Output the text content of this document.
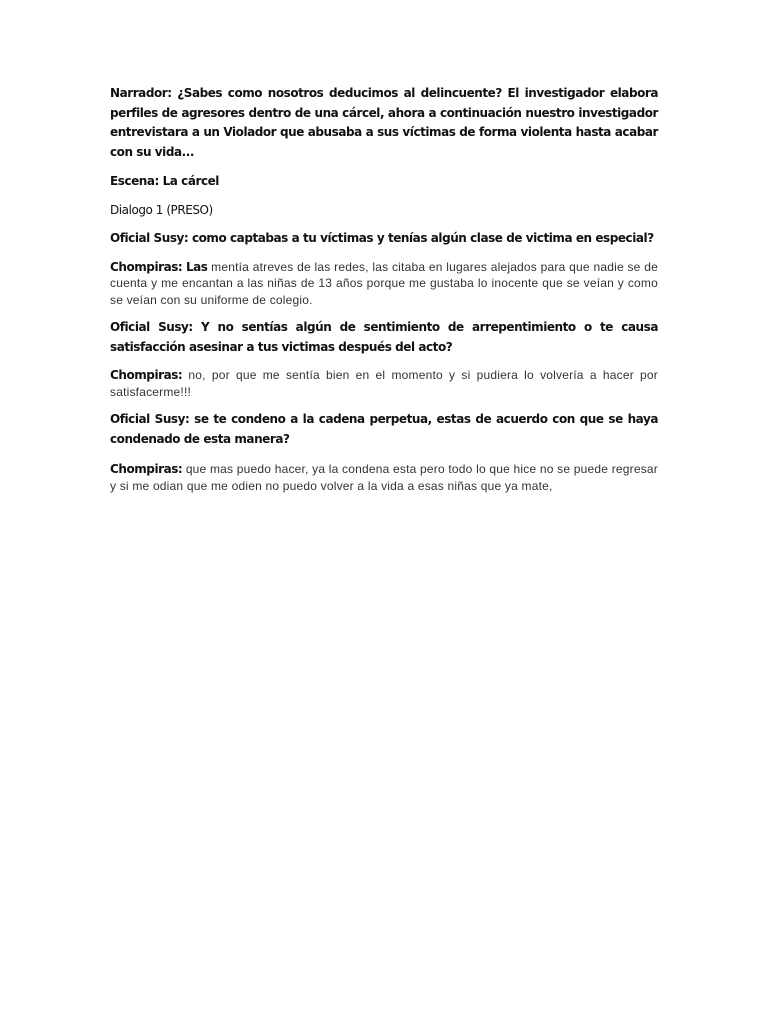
Narrador: ¿Sabes como nosotros deducimos al delincuente? El investigador elabora perfiles de agresores dentro de una cárcel, ahora a continuación nuestro investigador entrevistara a un Violador que abusaba a sus víctimas de forma violenta hasta acabar con su vida...

Escena: La cárcel

Dialogo 1 (PRESO)

Oficial Susy: como captabas a tu víctimas y tenías algún clase de victima en especial?

Chompiras: Las mentía atreves de las redes, las citaba en lugares alejados para que nadie se de cuenta y me encantan a las niñas de 13 años porque me gustaba lo inocente que se veían y como se veían con su uniforme de colegio.

Oficial Susy: Y no sentías algún de sentimiento de arrepentimiento o te causa satisfacción asesinar a tus victimas después del acto?

Chompiras: no, por que me sentía bien en el momento y si pudiera lo volvería a hacer por satisfacerme!!!

Oficial Susy: se te condeno a la cadena perpetua, estas de acuerdo con que se haya condenado de esta manera?

Chompiras: que mas puedo hacer, ya la condena esta pero todo lo que hice no se puede regresar y si me odian que me odien no puedo volver a la vida a esas niñas que ya mate,
